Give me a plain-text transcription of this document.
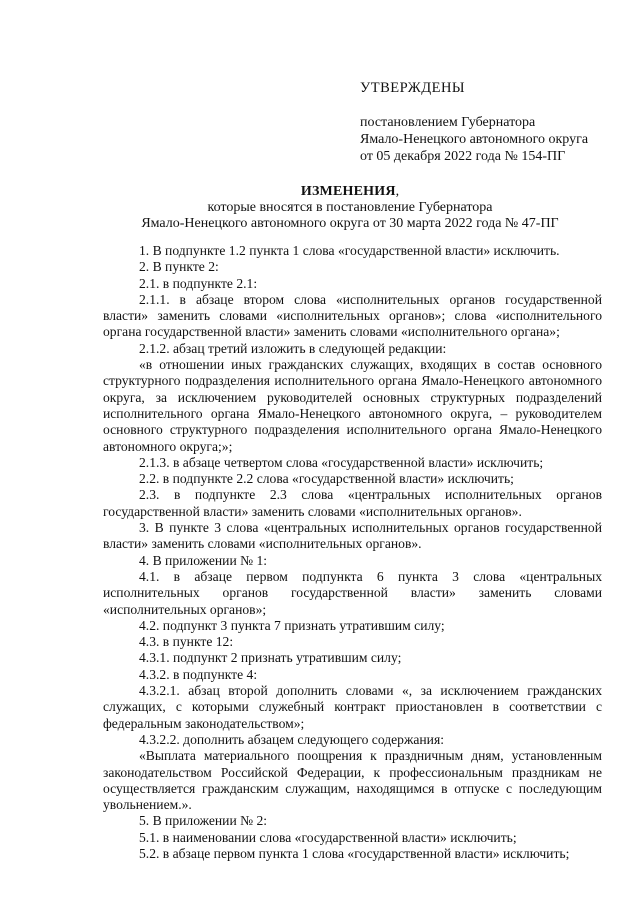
УТВЕРЖДЕНЫ
постановлением Губернатора
Ямало-Ненецкого автономного округа
от 05 декабря 2022 года № 154-ПГ
ИЗМЕНЕНИЯ,
которые вносятся в постановление Губернатора
Ямало-Ненецкого автономного округа от 30 марта 2022 года № 47-ПГ

1. В подпункте 1.2 пункта 1 слова «государственной власти» исключить.

2. В пункте 2:

2.1. в подпункте 2.1:

2.1.1. в абзаце втором слова «исполнительных органов государственной власти» заменить словами «исполнительных органов»; слова «исполнительного органа государственной власти» заменить словами «исполнительного органа»;

2.1.2. абзац третий изложить в следующей редакции:

«в отношении иных гражданских служащих, входящих в состав основного структурного подразделения исполнительного органа Ямало-Ненецкого автономного округа, за исключением руководителей основных структурных подразделений исполнительного органа Ямало-Ненецкого автономного округа, – руководителем основного структурного подразделения исполнительного органа Ямало-Ненецкого автономного округа;»;

2.1.3. в абзаце четвертом слова «государственной власти» исключить;

2.2. в подпункте 2.2 слова «государственной власти» исключить;

2.3. в подпункте 2.3 слова «центральных исполнительных органов государственной власти» заменить словами «исполнительных органов».

3. В пункте 3 слова «центральных исполнительных органов государственной власти» заменить словами «исполнительных органов».

4. В приложении № 1:

4.1. в абзаце первом подпункта 6 пункта 3 слова «центральных исполнительных органов государственной власти» заменить словами «исполнительных органов»;

4.2. подпункт 3 пункта 7 признать утратившим силу;

4.3. в пункте 12:

4.3.1. подпункт 2 признать утратившим силу;

4.3.2. в подпункте 4:

4.3.2.1. абзац второй дополнить словами «, за исключением гражданских служащих, с которыми служебный контракт приостановлен в соответствии с федеральным законодательством»;

4.3.2.2. дополнить абзацем следующего содержания:

«Выплата материального поощрения к праздничным дням, установленным законодательством Российской Федерации, к профессиональным праздникам не осуществляется гражданским служащим, находящимся в отпуске с последующим увольнением.».

5. В приложении № 2:

5.1. в наименовании слова «государственной власти» исключить;

5.2. в абзаце первом пункта 1 слова «государственной власти» исключить;
